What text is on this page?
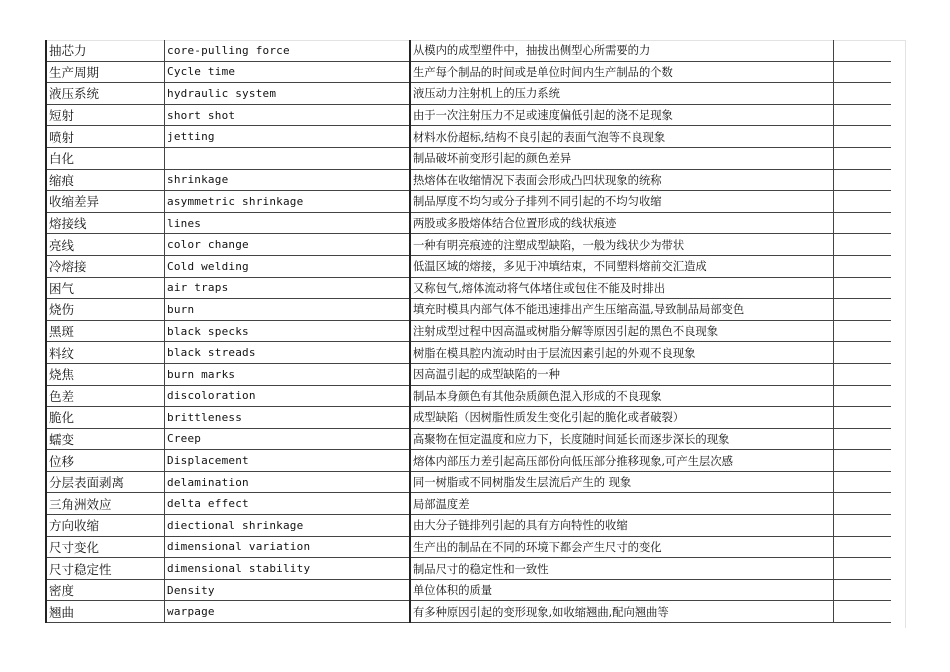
抽芯力	core-pulling force	从模内的成型塑件中，抽拔出侧型心所需要的力	
生产周期	Cycle time	生产每个制品的时间或是单位时间内生产制品的个数	
液压系统	hydraulic system	液压动力注射机上的压力系统	
短射	short shot	由于一次注射压力不足或速度偏低引起的浇不足现象	
喷射	jetting	材料水份超标,结构不良引起的表面气泡等不良现象	
白化		制品破坏前变形引起的颜色差异	
缩痕	shrinkage	热熔体在收缩情况下表面会形成凸凹状现象的统称	
收缩差异	asymmetric shrinkage	制品厚度不均匀或分子排列不同引起的不均匀收缩	
熔接线	lines	两股或多股熔体结合位置形成的线状痕迹	
亮线	color change	一种有明亮痕迹的注塑成型缺陷，一般为线状少为带状	
冷熔接	Cold welding	低温区域的熔接，多见于冲填结束，不同塑料熔前交汇造成	
困气	air traps	又称包气,熔体流动将气体堵住或包住不能及时排出	
烧伤	burn	填充时模具内部气体不能迅速排出产生压缩高温,导致制品局部变色	
黑斑	black specks	注射成型过程中因高温或树脂分解等原因引起的黑色不良现象	
料纹	black streads	树脂在模具腔内流动时由于层流因素引起的外观不良现象	
烧焦	burn marks	因高温引起的成型缺陷的一种	
色差	discoloration	制品本身颜色有其他杂质颜色混入形成的不良现象	
脆化	brittleness	成型缺陷（因树脂性质发生变化引起的脆化或者破裂）	
蠕变	Creep	高聚物在恒定温度和应力下，长度随时间延长而逐步深长的现象	
位移	Displacement	熔体内部压力差引起高压部份向低压部分推移现象,可产生层次感	
分层表面剥离	delamination	同一树脂或不同树脂发生层流后产生的 现象	
三角洲效应	delta effect	局部温度差	
方向收缩	diectional shrinkage	由大分子链排列引起的具有方向特性的收缩	
尺寸变化	dimensional variation	生产出的制品在不同的环境下都会产生尺寸的变化	
尺寸稳定性	dimensional stability	制品尺寸的稳定性和一致性	
密度	Density	单位体积的质量	
翘曲	warpage	有多种原因引起的变形现象,如收缩翘曲,配向翘曲等	
